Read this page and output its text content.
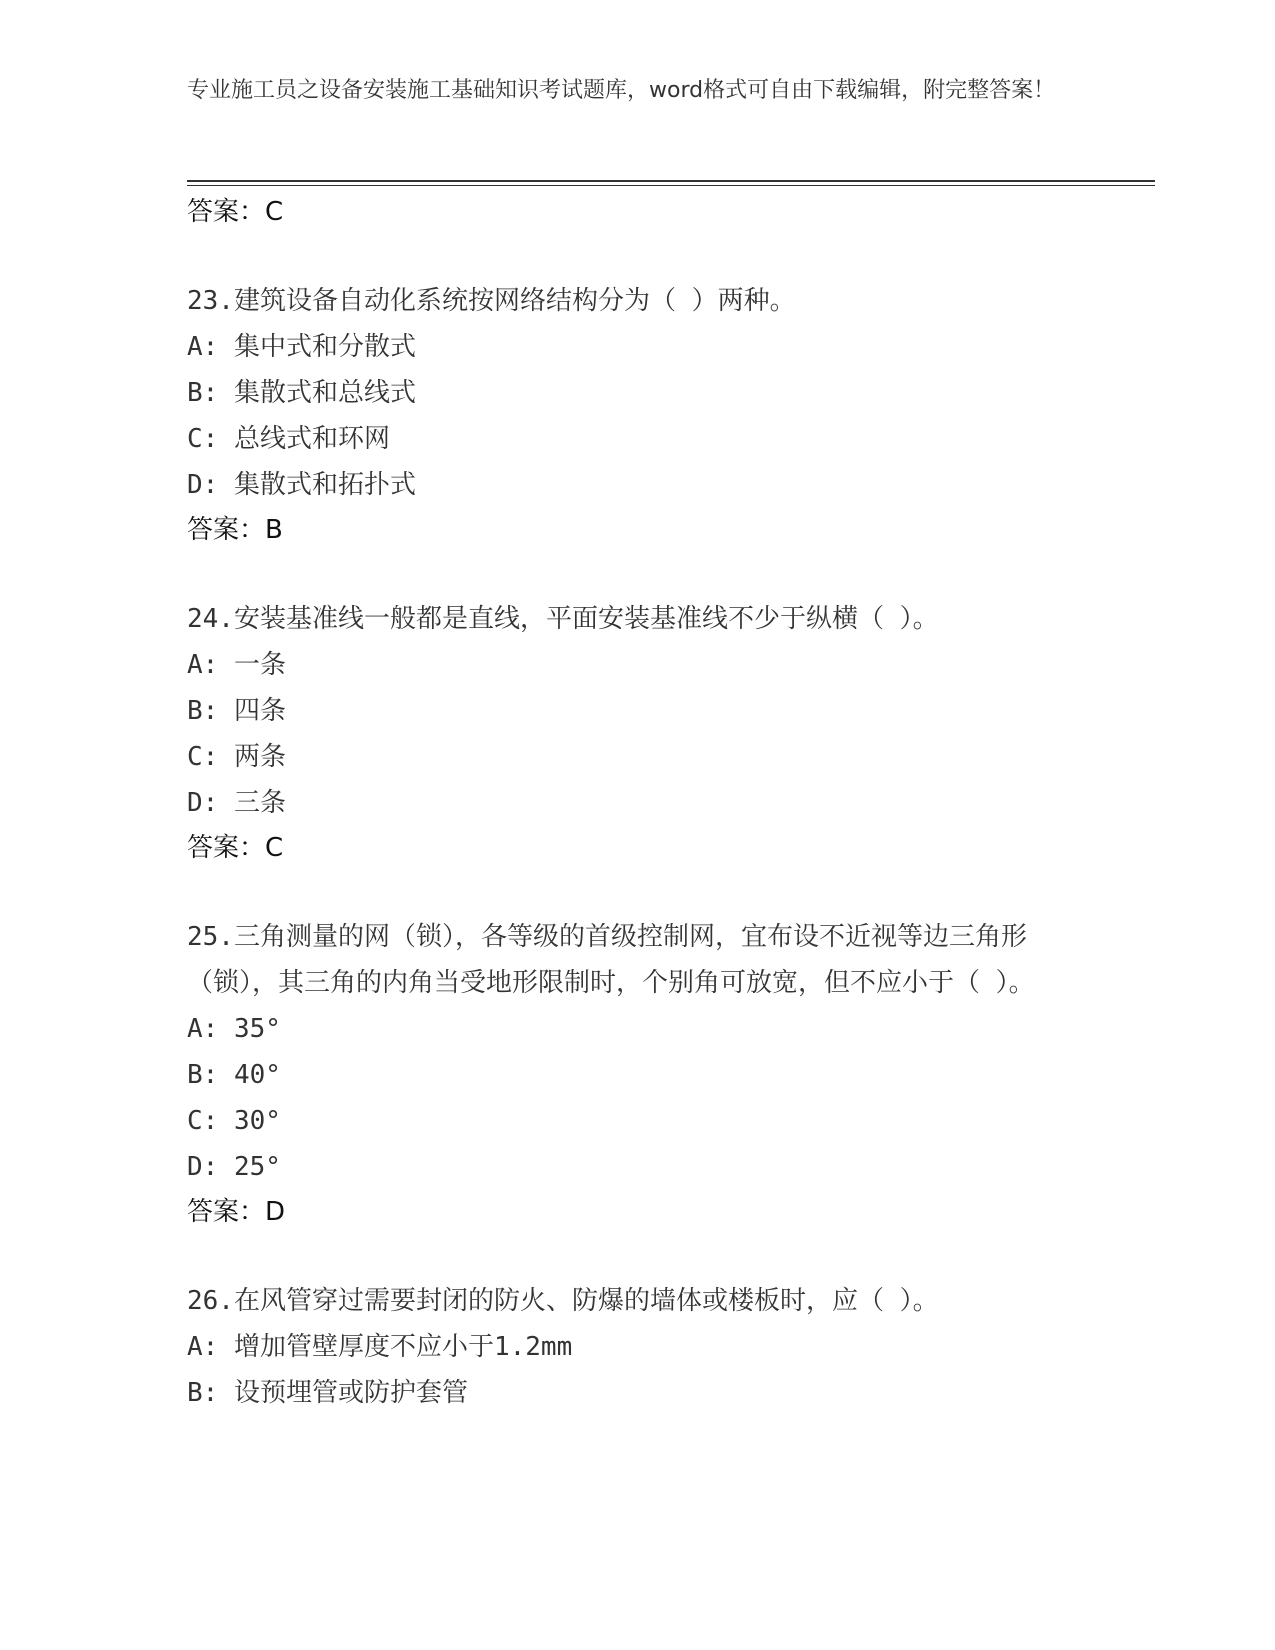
专业施工员之设备安装施工基础知识考试题库，word格式可自由下载编辑，附完整答案！
答案：C
23.建筑设备自动化系统按网络结构分为（ ）两种。
A: 集中式和分散式
B: 集散式和总线式
C: 总线式和环网
D: 集散式和拓扑式
答案：B
24.安装基准线一般都是直线，平面安装基准线不少于纵横（ ）。
A: 一条
B: 四条
C: 两条
D: 三条
答案：C
25.三角测量的网（锁），各等级的首级控制网，宜布设不近视等边三角形（锁），其三角的内角当受地形限制时，个别角可放宽，但不应小于（ ）。
A: 35°
B: 40°
C: 30°
D: 25°
答案：D
26.在风管穿过需要封闭的防火、防爆的墙体或楼板时，应（ ）。
A: 增加管壁厚度不应小于1.2mm
B: 设预埋管或防护套管
